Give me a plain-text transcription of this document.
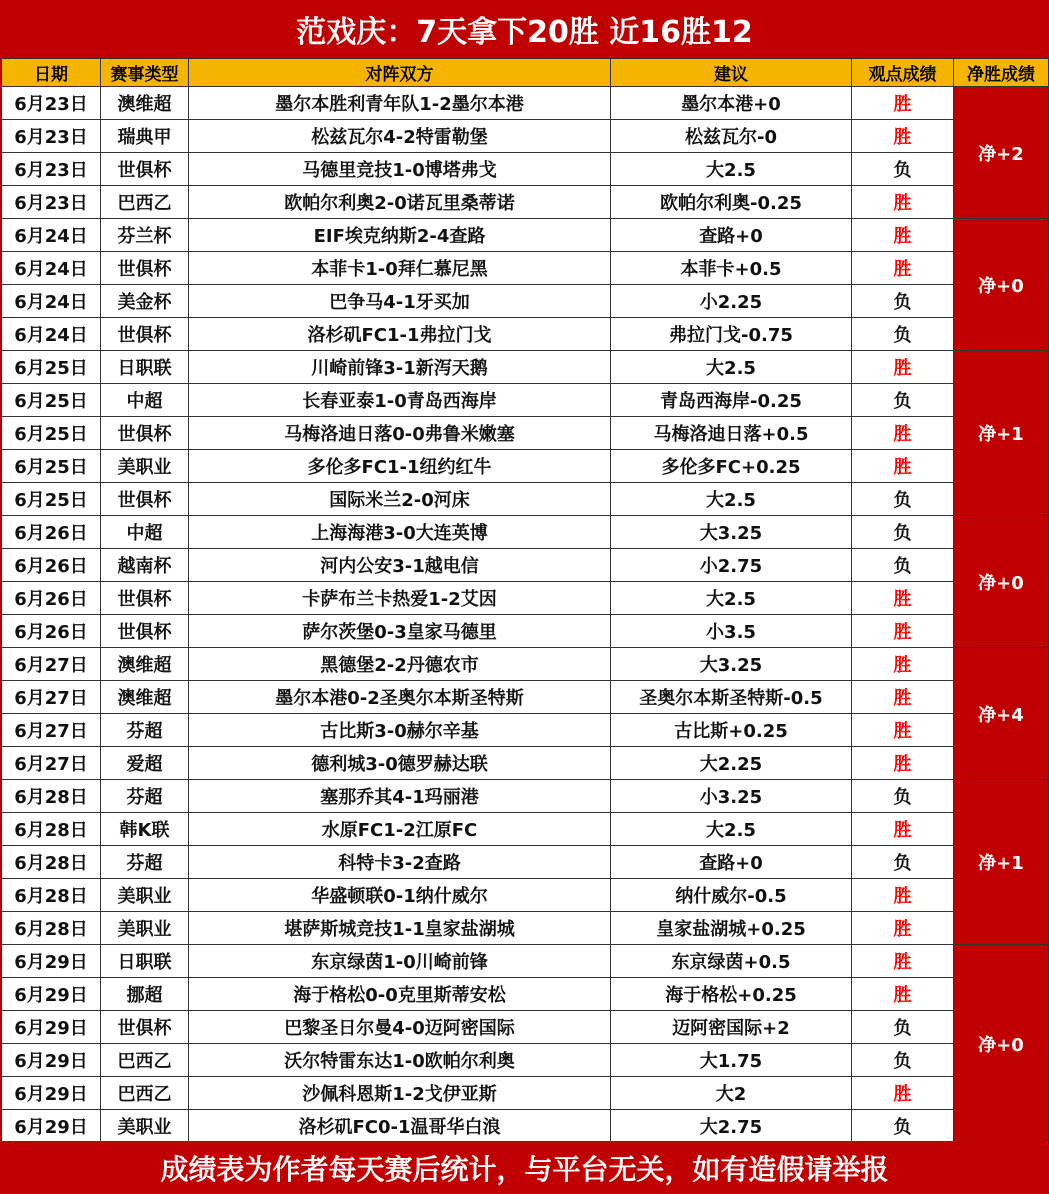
范戏庆：7天拿下20胜 近16胜12
日期	赛事类型	对阵双方	建议	观点成绩	净胜成绩
6月23日	澳维超	墨尔本胜利青年队1-2墨尔本港	墨尔本港+0	胜	净+2
6月23日	瑞典甲	松兹瓦尔4-2特雷勒堡	松兹瓦尔-0	胜	
6月23日	世俱杯	马德里竞技1-0博塔弗戈	大2.5	负	
6月23日	巴西乙	欧帕尔利奥2-0诺瓦里桑蒂诺	欧帕尔利奥-0.25	胜	
6月24日	芬兰杯	EIF埃克纳斯2-4查路	查路+0	胜	净+0
6月24日	世俱杯	本菲卡1-0拜仁慕尼黑	本菲卡+0.5	胜	
6月24日	美金杯	巴争马4-1牙买加	小2.25	负	
6月24日	世俱杯	洛杉矶FC1-1弗拉门戈	弗拉门戈-0.75	负	
6月25日	日职联	川崎前锋3-1新泻天鹅	大2.5	胜	净+1
6月25日	中超	长春亚泰1-0青岛西海岸	青岛西海岸-0.25	负	
6月25日	世俱杯	马梅洛迪日落0-0弗鲁米嫩塞	马梅洛迪日落+0.5	胜	
6月25日	美职业	多伦多FC1-1纽约红牛	多伦多FC+0.25	胜	
6月25日	世俱杯	国际米兰2-0河床	大2.5	负	
6月26日	中超	上海海港3-0大连英博	大3.25	负	净+0
6月26日	越南杯	河内公安3-1越电信	小2.75	负	
6月26日	世俱杯	卡萨布兰卡热爱1-2艾因	大2.5	胜	
6月26日	世俱杯	萨尔茨堡0-3皇家马德里	小3.5	胜	
6月27日	澳维超	黑德堡2-2丹德农市	大3.25	胜	净+4
6月27日	澳维超	墨尔本港0-2圣奥尔本斯圣特斯	圣奥尔本斯圣特斯-0.5	胜	
6月27日	芬超	古比斯3-0赫尔辛基	古比斯+0.25	胜	
6月27日	爱超	德利城3-0德罗赫达联	大2.25	胜	
6月28日	芬超	塞那乔其4-1玛丽港	小3.25	负	净+1
6月28日	韩K联	水原FC1-2江原FC	大2.5	胜	
6月28日	芬超	科特卡3-2查路	查路+0	负	
6月28日	美职业	华盛顿联0-1纳什威尔	纳什威尔-0.5	胜	
6月28日	美职业	堪萨斯城竞技1-1皇家盐湖城	皇家盐湖城+0.25	胜	
6月29日	日职联	东京绿茵1-0川崎前锋	东京绿茵+0.5	胜	净+0
6月29日	挪超	海于格松0-0克里斯蒂安松	海于格松+0.25	胜	
6月29日	世俱杯	巴黎圣日尔曼4-0迈阿密国际	迈阿密国际+2	负	
6月29日	巴西乙	沃尔特雷东达1-0欧帕尔利奥	大1.75	负	
6月29日	巴西乙	沙佩科恩斯1-2戈伊亚斯	大2	胜	
6月29日	美职业	洛杉矶FC0-1温哥华白浪	大2.75	负	
成绩表为作者每天赛后统计，与平台无关，如有造假请举报
